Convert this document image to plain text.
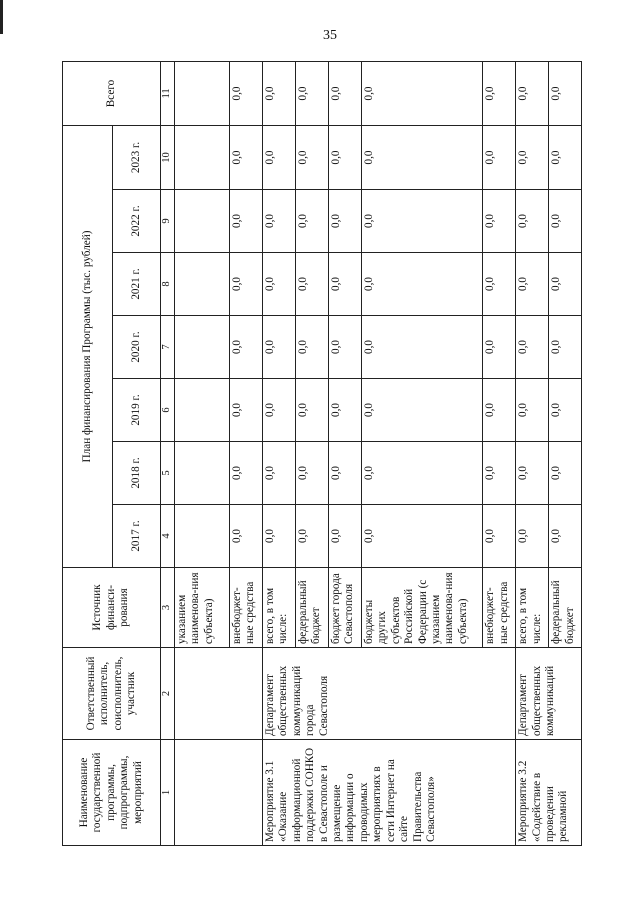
35
Наименование государственной программы, подпрограммы, мероприятий	Ответственный исполнитель, соисполнитель, участник	Источник финанси-рования	План финансирования Программы (тыс. рублей)							Всего
			2017 г.	2018 г.	2019 г.	2020 г.	2021 г.	2022 г.	2023 г.	
1	2	3	4	5	6	7	8	9	10	11
		указанием наименова-ния субъекта)								
		внебюджет-ные средства	0,0	0,0	0,0	0,0	0,0	0,0	0,0	0,0
Мероприятие 3.1 «Оказание информационной поддержки СОНКО в Севастополе и размещение информации о проводимых мероприятиях в сети Интернет на сайте Правительства Севастополя»	Департамент общественных коммуникаций города Севастополя	всего, в том числе:	0,0	0,0	0,0	0,0	0,0	0,0	0,0	0,0
		федеральный бюджет	0,0	0,0	0,0	0,0	0,0	0,0	0,0	0,0
		бюджет города Севастополя	0,0	0,0	0,0	0,0	0,0	0,0	0,0	0,0
		бюджеты других субъектов Российской Федерации (с указанием наименова-ния субъекта)	0,0	0,0	0,0	0,0	0,0	0,0	0,0	0,0
		внебюджет-ные средства	0,0	0,0	0,0	0,0	0,0	0,0	0,0	0,0
Мероприятие 3.2 «Содействие в проведении рекламной	Департамент общественных коммуникаций	всего, в том числе:	0,0	0,0	0,0	0,0	0,0	0,0	0,0	0,0
		федеральный бюджет	0,0	0,0	0,0	0,0	0,0	0,0	0,0	0,0
